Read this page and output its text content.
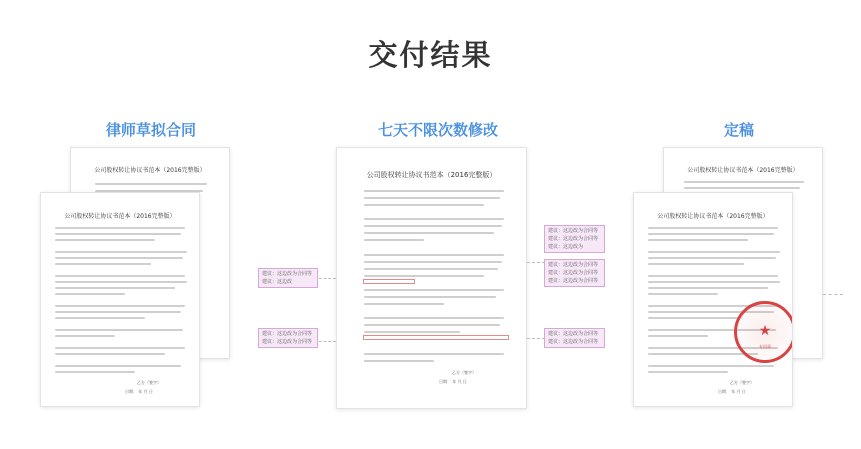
交付结果
律师草拟合同	七天不限次数修改	定稿
公司股权转让协议书范本（2016完整版）
公司股权转让协议书范本（2016完整版）
乙方（签字）
日期： 年 月 日
公司股权转让协议书范本（2016完整版）
乙方（签字）
日期： 年 月 日
建议：这边改为合同等
建议：这边改
建议：这边改为合同等
建议：这边改为合同等
建议：这边改为合同等
建议：这边改为合同等
建议：这边改为
建议：这边改为合同等
建议：这边改为合同等
建议：这边改为合同等
建议：这边改为合同等
建议：这边改为合同等
公司股权转让协议书范本（2016完整版）
公司股权转让协议书范本（2016完整版）
乙方（签字）
日期： 年 月 日
★
专用章
